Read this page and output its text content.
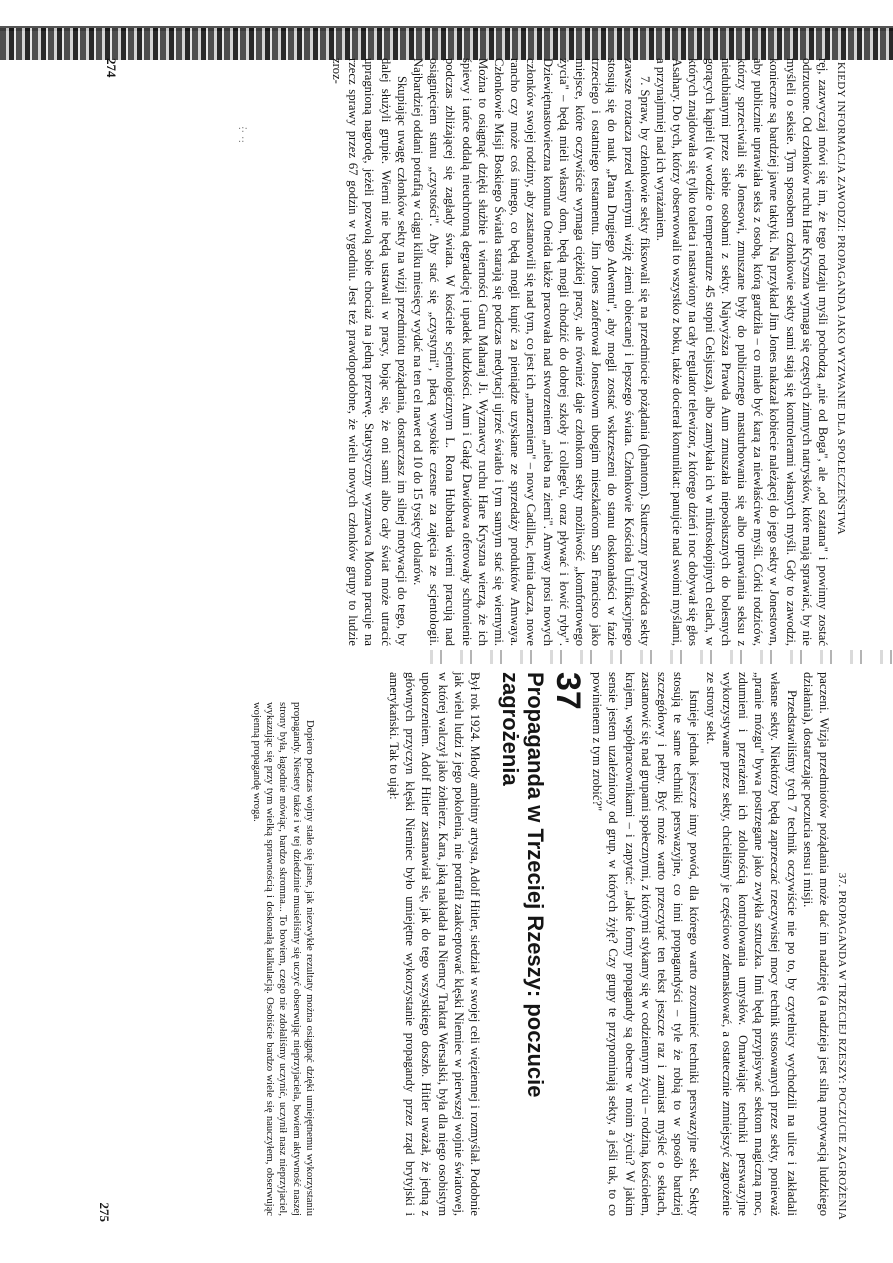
·:·
.:	KIEDY INFORMACJA ZAWODZI: PROPAGANDA JAKO WYZWANIE DLA SPOŁECZEŃSTWA

ręj, zazwyczaj mówi się im, że tego rodzaju myśli pochodzą „nie od Boga", ale „od szatana" i powinny zostać odrzucone. Od członków ruchu Hare Kryszna wymaga się częstych zimnych natrysków, które mają sprawiać, by nie myśleli o seksie. Tym sposobem członkowie sekty sami stają się kontrolerami własnych myśli. Gdy to zawodzi, konieczne są bardziej jawne taktyki. Na przykład Jim Jones nakazał kobiecie należącej do jego sekty w Jonestown, aby publicznie uprawiała seks z osobą, którą gardziła – co miało być karą za niewłaściwe myśli. Córki rodziców, którzy sprzeciwiali się Jonesowi, zmuszane były do publicznego masturbowania się albo uprawiania seksu z niedubianymi przez siebie osobami z sekty. Najwyższa Prawda Aum zmuszała nieposłusznych do bolesnych gorących kąpieli (w wodzie o temperaturze 45 stopni Celsjusza), albo zamykała ich w mikroskopijnych celach, w których znajdowała się tylko toaleta i nastawiony na cały regulator telewizor, z którego dzień i noc dobywał się głos Asahary. Do tych, którzy obserwowali to wszystko z boku, także docierał komunikat: panujcie nad swoimi myślami, a przynajmniej nad ich wyrażaniem.

7. Spraw, by członkowie sekty fiksowali się na przedmiocie pożądania (phantom). Skuteczny przywódca sekty zawsze roztacza przed wiernymi wizję ziemi obiecanej i lepszego świata. Członkowie Kościoła Unifikacyjnego stosują się do nauk „Pana Drugiego Adwentu", aby mogli zostać wskrzeszeni do stanu doskonałości w fazie trzeciego i ostatniego testamentu. Jim Jones zaoferował Jonestowm ubogim mieszkańcom San Francisco jako miejsce, które oczywiście wymaga ciężkiej pracy, ale również daje członkom sekty możliwość „komfortowego życia" – będą mieli własny dom, będą mogli chodzić do dobrej szkoły i college'u, oraz pływać i łowić ryby". Dziewiętnastowieczna komuna Oneida także pracowała nad stworzeniem „nieba na ziemi". Amway prosi nowych członków swojej rodziny, aby zastanowili się nad tym, co jest ich „marzeniem" – nowy Cadillac, letnia dacza, nowe rancho czy może coś innego, co będą mogli kupić za pieniądze uzyskane ze sprzedaży produktów Amwaya. Członkowie Misji Boskiego Światła starają się podczas medytacji ujrzeć światło i tym samym stać się wiernymi. Można to osiągnąć dzięki służbie i wierności Guru Maharaj Ji. Wyznawcy ruchu Hare Kryszna wierzą, że ich śpiewy i tańce oddalą nieuchronną degradację i upadek ludzkości. Aum i Gałąź Dawidowa oferowały schronienie podczas zbliżającej się zagłady świata. W kościele scjentologicznym L. Rona Hubbarda wierni pracują nad osiągnięciem stanu „czystości". Aby stać się „czystymi", płacą wysokie czesne za zajęcia ze scjentologii. Najbardziej oddani potrafią w ciągu kilku miesięcy wydać na ten cel nawet od 10 do 15 tysięcy dolarów.

Skupiając uwagę członków sekty na wizji przedmiotu pożądania, dostarczasz im silnej motywacji do tego, by dalej służyli grupie. Wierni nie będą ustawali w pracy, bojąc się, że oni sami albo cały świat może utracić upragnioną nagrodę, jeżeli pozwolą sobie chociaż na jedną przerwę. Statystyczny wyznawca Moona pracuje na rzecz sprawy przez 67 godzin w tygodniu. Jest też prawdopodobne, że wielu nowych członków grupy to ludzie zroz-

274
37. PROPAGANDA W TRZECIEJ RZESZY: POCZUCIE ZAGROŻENIA

paczeni. Wizja przedmiotów pożądania może dać im nadzieję (a nadzieja jest silną motywacją ludzkiego działania), dostarczając poczucia sensu i misji.

Przedstawiliśmy tych 7 technik oczywiście nie po to, by czytelnicy wychodzili na ulice i zakładali własne sekty. Niektórzy będą zaprzeczać rzeczywistej mocy technik stosowanych przez sekty, ponieważ „pranie mózgu" bywa postrzegane jako zwykła sztuczka. Inni będą przypisywać sektom magiczną moc, zdumieni i przerażeni ich zdolnością kontrolowania umysłów. Omawiając techniki perswazyjne wykorzystywane przez sekty, chcieliśmy je częściowo zdemaskować, a ostatecznie zmniejszyć zagrożenie ze strony sekt.

Istnieje jednak jeszcze inny powód, dla którego warto zrozumieć techniki perswazyjne sekt. Sekty stosują te same techniki perswazyjne, co inni propagandyści – tyle że robią to w sposób bardziej szczegółowy i pełny. Być może warto przeczytać ten tekst jeszcze raz i zamiast myśleć o sektach, zastanowić się nad grupami społecznymi, z którymi stykamy się w codziennym życiu – rodziną, kościołem, krajem, współpracownikami – i zapytać: „Jakie formy propagandy są obecne w moim życiu? W jakim sensie jestem uzależniony od grup, w których żyję? Czy grupy te przypominają sekty, a jeśli tak, to co powinienem z tym zrobić?"

37
Propaganda w Trzeciej Rzeszy: poczucie zagrożenia

Był rok 1924. Młody ambitny artysta, Adolf Hitler, siedział w swojej celi więziennej i rozmyślał. Podobnie jak wielu ludzi z jego pokolenia, nie potrafił zaakceptować klęski Niemiec w pierwszej wojnie światowej, w której walczył jako żołnierz. Kara, jaką nakładał na Niemcy Traktat Wersalski, była dla niego osobistym upokorzeniem. Adolf Hitler zastanawiał się, jak do tego wszystkiego doszło. Hitler uważał, że jedną z głównych przyczyn klęski Niemiec było umiejętne wykorzystanie propagandy przez rząd brytyjski i amerykański. Tak to ujął:

Dopiero podczas wojny stało się jasne, jak niezwykłe rezultaty można osiągnąć dzięki umiejętnemu wykorzystaniu propagandy. Niestety także i w tej dziedzinie musieliśmy się uczyć obserwując nieprzyjaciela, bowiem aktywność naszej strony była, łagodnie mówiąc, bardzo skromna... To bowiem, czego nie zdołaliśmy uczynić, uczynił nasz nieprzyjaciel, wykazując się przy tym wielką sprawnością i doskonałą kalkulacją. Osobiście bardzo wiele się nauczyłem, obserwując wojenną propagandę wroga.

275
